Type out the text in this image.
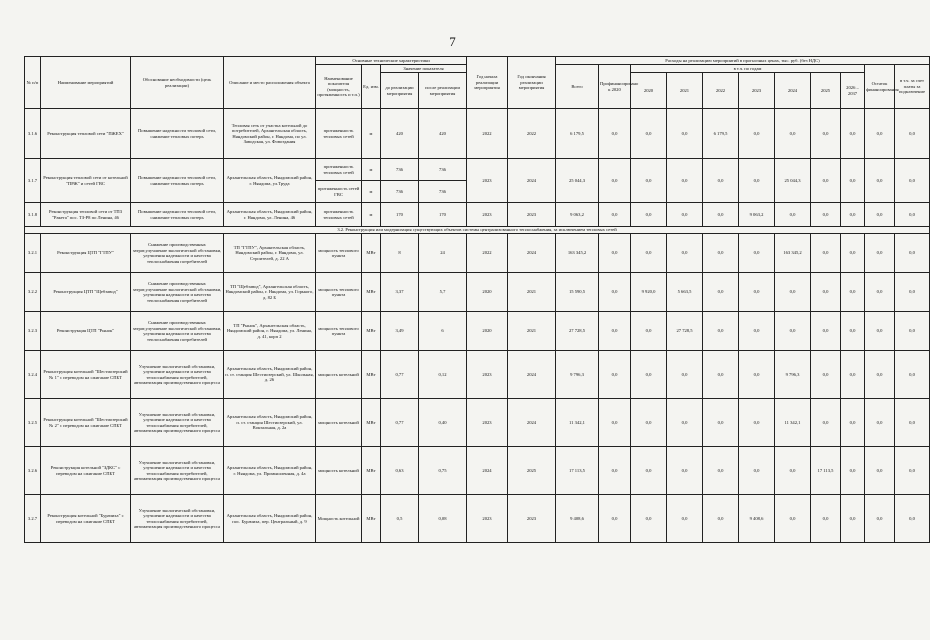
7
№ п/п	Наименование мероприятий	Обоснование необходимости (цель реализации)	Описание и место расположения объекта	Основные технические характеристики				Год начала реализации мероприятия	Год окончания реализации мероприятия	Расходы на реализацию мероприятий в прогнозных ценах, тыс. руб. (без НДС)										
				Наименование показателя (мощность, протяженность и т.п.)	Ед. изм.	Значение показателя				Всего	Профинансировано к 2020	в т.ч. по годам							Остаток финансирования	в т.ч. за счет платы за подключение
						до реализации мероприятия	после реализации мероприятия					2020	2021	2022	2023	2024	2025	2026 – 2037		

3.1.6	Реконструкция тепловой сети "ПЖЕХ"	Повышение надежности тепловой сети, снижение тепловых потерь	Тепловая сеть от участка котельной до потребителей, Архангельская область, Няндомский район, г. Няндома, по ул. Заводская, ул. Фовоздания	протяженность тепловых сетей	м	420	420	2022	2022	6 179,5	0,0	0,0	0,0	6 179,5	0,0	0,0	0,0	0,0	0,0	0,0
3.1.7	Реконструкция тепловой сети от котельной "ПРЖ" и сетей ГВС	Повышение надежности тепловой сети, снижение тепловых потерь	Архангельская область, Няндомский район, г. Няндома, ул.Труда	протяженность тепловых сетей	м	736	736	2023	2024	25 044,3	0,0	0,0	0,0	0,0	0,0	25 044,3	0,0	0,0	0,0	0,0
				протяженность сетей ГВС	м	736	736													
3.1.8	Реконструкция тепловой сети от ТП3 "Ракета" пос. ТЗ-Р8 по Ленина, 46	Повышение надежности тепловой сети, снижение тепловых потерь	Архангельская область, Няндомский район, г. Няндома, ул. Ленина, 46	протяженность тепловых сетей	м	170	170	2023	2023	9 063,2	0,0	0,0	0,0	0,0	9 063,2	0,0	0,0	0,0	0,0	0,0
3.2. Реконструкция или модернизация существующих объектов системы централизованного теплоснабжения, за исключением тепловых сетей																				
3.2.1	Реконструкция ЦТП "ГТПУ"	Снижение производственных затрат,улучшение экологической обстановки, улучшения надежности и качества теплоснабжения потребителей	ТП "ГТПУ", Архангельская область, Няндомский район, г. Няндома, ул. Строителей, д. 22 А	мощность теплового пункта	МВт	8	24	2022	2024	163 345,2	0,0	0,0	0,0	0,0	0,0	163 345,2	0,0	0,0	0,0	0,0
3.2.2	Реконструкция ЦТП "Щебзавод"	Снижение производственных затрат,улучшение экологической обстановки, улучшения надежности и качества теплоснабжения потребителей	ТП "Щебзавод", Архангельская область, Няндомский район, г. Няндома, ул. Горького, д. 82 Б	мощность теплового пункта	МВт	3,37	5,7	2020	2021	15 590,5	0,0	9 920,0	5 663,5	0,0	0,0	0,0	0,0	0,0	0,0	0,0
3.2.3	Реконструкция ЦТП "Рынок"	Снижение производственных затрат,улучшение экологической обстановки, улучшения надежности и качества теплоснабжения потребителей	ТП "Рынок", Архангельская область, Няндомский район, г. Няндома, ул. Ленина, д. 41, корп 2	мощность теплового пункта	МВт	3,49	6	2020	2021	27 728,5	0,0	0,0	27 728,5	0,0	0,0	0,0	0,0	0,0	0,0	0,0
3.2.4	Реконструкция котельной "Шестиозерский № 1" с переводом на сжигание СПБТ	Улучшение экологической обстановки, улучшение надежности и качества теплоснабжения потребителей, автоматизация производственного процесса	Архангельская область, Няндомский район, п. ст. станция Шестиозерский, ул. Школьная, д. 26	мощность котельной	МВт	0,77	0,12	2023	2024	9 796,3	0,0	0,0	0,0	0,0	0,0	9 796,3	0,0	0,0	0,0	0,0
3.2.5	Реконструкция котельной "Шестиозерский № 2" с переводом на сжигание СПБТ	Улучшение экологической обстановки, улучшение надежности и качества теплоснабжения потребителей, автоматизация производственного процесса	Архангельская область, Няндомский район, п. ст. станция Шестиозерский, ул. Вокзальная, д. 2а	мощность котельной	МВт	0,77	0,40	2023	2024	11 342,1	0,0	0,0	0,0	0,0	0,0	11 342,1	0,0	0,0	0,0	0,0
3.2.6	Реконструкция котельной "ЗДКС" с переводом на сжигание СПБТ	Улучшение экологической обстановки, улучшение надежности и качества теплоснабжения потребителей, автоматизация производственного процесса	Архангельская область, Няндомский район, г. Няндома, ул. Промышленная, д. 4а	мощность котельной	МВт	0,63	0,75	2024	2025	17 113,5	0,0	0,0	0,0	0,0	0,0	0,0	17 113,5	0,0	0,0	0,0
3.2.7	Реконструкция котельной "Бурачиха" с переводом на сжигание СПБТ	Улучшение экологической обстановки, улучшение надежности и качества теплоснабжения потребителей, автоматизация производственного процесса	Архангельская область, Няндомский район, пос. Бурачиха, пер. Центральный, д. 9	Мощность котельной	МВт	0,5	0,08	2023	2023	9 408,6	0,0	0,0	0,0	0,0	9 408,6	0,0	0,0	0,0	0,0	0,0
